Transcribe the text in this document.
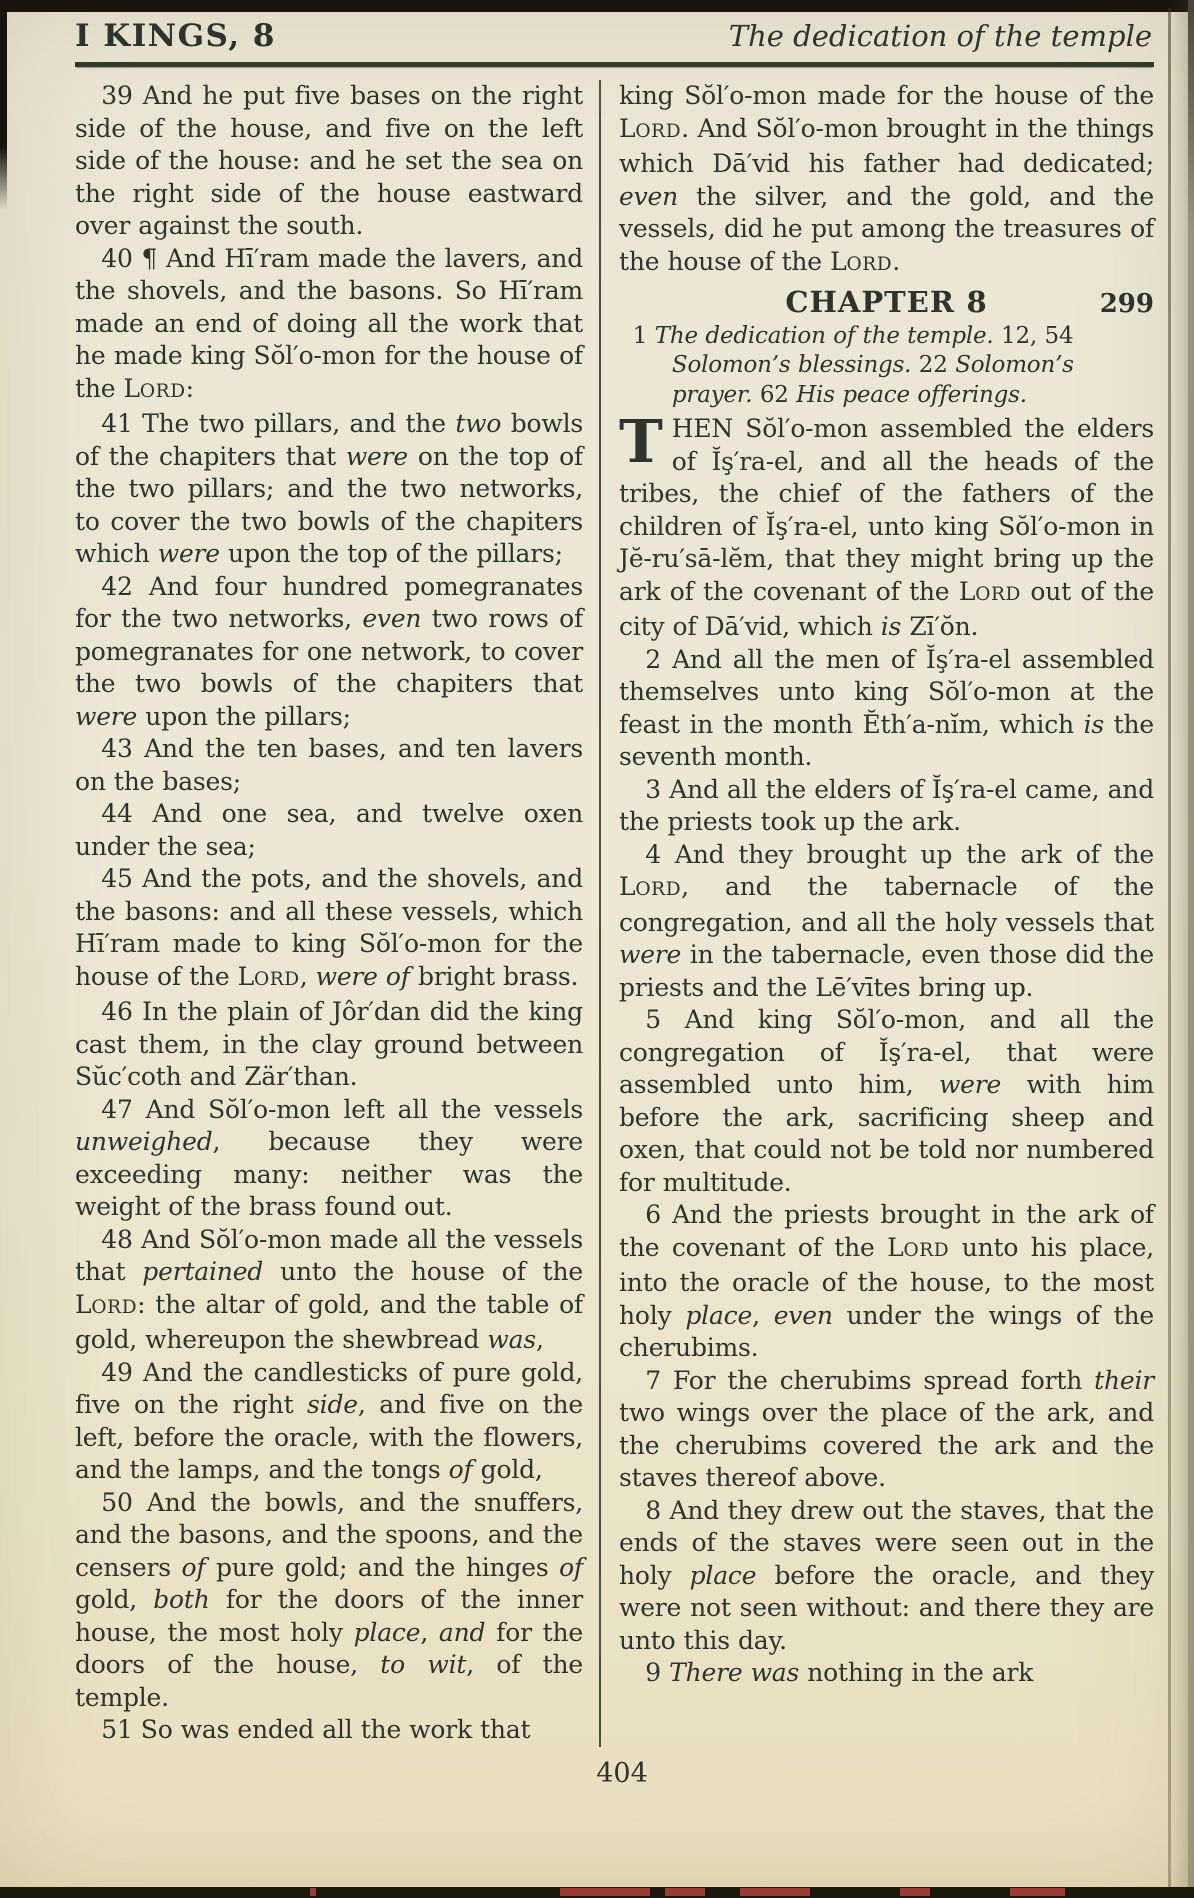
I KINGS, 8	The dedication of the temple

39 And he put five bases on the right side of the house, and five on the left side of the house: and he set the sea on the right side of the house eastward over against the south.

40 ¶ And Hī′ram made the lavers, and the shovels, and the basons. So Hī′ram made an end of doing all the work that he made king Sŏl′o-mon for the house of the LORD:

41 The two pillars, and the two bowls of the chapiters that were on the top of the two pillars; and the two networks, to cover the two bowls of the chapiters which were upon the top of the pillars;

42 And four hundred pomegranates for the two networks, even two rows of pomegranates for one network, to cover the two bowls of the chapiters that were upon the pillars;

43 And the ten bases, and ten lavers on the bases;

44 And one sea, and twelve oxen under the sea;

45 And the pots, and the shovels, and the basons: and all these vessels, which Hī′ram made to king Sŏl′o-mon for the house of the LORD, were of bright brass.

46 In the plain of Jôr′dan did the king cast them, in the clay ground between Sŭc′coth and Zär′than.

47 And Sŏl′o-mon left all the vessels unweighed, because they were exceeding many: neither was the weight of the brass found out.

48 And Sŏl′o-mon made all the vessels that pertained unto the house of the LORD: the altar of gold, and the table of gold, whereupon the shewbread was,

49 And the candlesticks of pure gold, five on the right side, and five on the left, before the oracle, with the flowers, and the lamps, and the tongs of gold,

50 And the bowls, and the snuffers, and the basons, and the spoons, and the censers of pure gold; and the hinges of gold, both for the doors of the inner house, the most holy place, and for the doors of the house, to wit, of the temple.

51 So was ended all the work that

king Sŏl′o-mon made for the house of the LORD. And Sŏl′o-mon brought in the things which Dā′vid his father had dedicated; even the silver, and the gold, and the vessels, did he put among the treasures of the house of the LORD.

CHAPTER 8	299

1 The dedication of the temple. 12, 54 Solomon’s blessings. 22 Solomon’s prayer. 62 His peace offerings.

THEN Sŏl′o-mon assembled the elders of Ĭş′ra-el, and all the heads of the tribes, the chief of the fathers of the children of Ĭş′ra-el, unto king Sŏl′o-mon in Jĕ-ru′sā-lĕm, that they might bring up the ark of the covenant of the LORD out of the city of Dā′vid, which is Zī′ŏn.

2 And all the men of Ĭş′ra-el assembled themselves unto king Sŏl′o-mon at the feast in the month Ĕth′a-nĭm, which is the seventh month.

3 And all the elders of Ĭş′ra-el came, and the priests took up the ark.

4 And they brought up the ark of the LORD, and the tabernacle of the congregation, and all the holy vessels that were in the tabernacle, even those did the priests and the Lē′vītes bring up.

5 And king Sŏl′o-mon, and all the congregation of Ĭş′ra-el, that were assembled unto him, were with him before the ark, sacrificing sheep and oxen, that could not be told nor numbered for multitude.

6 And the priests brought in the ark of the covenant of the LORD unto his place, into the oracle of the house, to the most holy place, even under the wings of the cherubims.

7 For the cherubims spread forth their two wings over the place of the ark, and the cherubims covered the ark and the staves thereof above.

8 And they drew out the staves, that the ends of the staves were seen out in the holy place before the oracle, and they were not seen without: and there they are unto this day.

9 There was nothing in the ark

404
